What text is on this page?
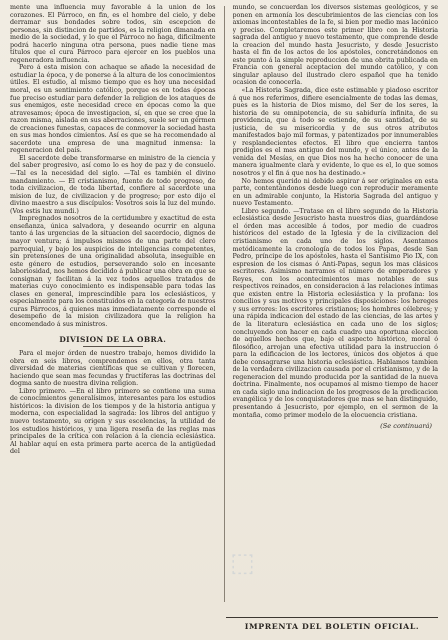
mente una influencia muy favorable á la union de los corazones. El Párroco, en fin, es el hombre del cielo, y debe derramar sus bondades sobre todos, sin escepcion de personas, sin distincion de partidos, es la religion dimanada en medio de la sociedad, y lo que el Párroco no haga, dificilmente podrá hacerlo ninguna otra persona, pues nadie tiene mas títulos que el cura Párroco para ejercer en los pueblos una regeneradora influencia.

Pero á esta mision con achaque se añade la necesidad de estudiar la época, y de ponerse á la altura de los conocimientos útiles. El estudio, al mismo tiempo que es hoy una necesidad moral, es un sentimiento católico, porque es en todas épocas fue preciso estudiar para defender la religion de los ataques de sus enemigos, este necesidad crece en épocas como la que atravesamos; época de investigacion, sí, en que se cree que la razon misma, aislada en sus aberraciones, suele ser un gérmen de creaciones funestas, capaces de conmover la sociedad hasta en sus mas hondos cimientos. Así es que se ha recomendado al sacerdote una empresa de una magnitud inmensa: la regeneracion del país.

El sacerdote debe transformarse en ministro de la ciencia y del saber progresivo, así como lo es hoy de paz y de consuelo. —Tal es la necesidad del siglo. —Tal es también el divino mandamiento. — El cristianismo, fuente de todo progreso, de toda civilizacion, de toda libertad, confiere al sacerdote una mision de luz, de civilizacion y de progreso; por esto dijo el divino maestro a sus discípulos: Vosotros sois la luz del mundo. (Vos estis lux mundi.)

Impregnados nosotros de la certidumbre y exactitud de esta enseñanza, única salvadora, y deseando ocurrir en alguna tanto á las urgencias de la situacion del sacerdocio, dignos de mayor ventura; á impulsos mismos de una parte del clero parroquial, y bajo los auspicios de inteligencias competentes, sin pretensiones de una originalidad absoluta, inseguible en este género de estudios, perseverando solo en incesante laboriosidad, nos hemos decidido á publicar una obra en que se consignan y facilitan á la vez todos aquellos tratados de materias cuyo conocimiento es indispensable para todas las clases en general, imprescindible para los eclesiásticos, y especialmente para los constituidos en la categoría de nuestros curas Párrocos, á quienes mas inmediatamente corresponde el desempeño de la mision civilizadora que la religion ha encomendado á sus ministros.

DIVISION DE LA OBRA.

Para el mejor órden de nuestro trabajo, hemos dividido la obra en seis libros, comprendemos en ellos, otra tanta diversidad de materias científicas que se cultivan y florecen, haciendo que sean mas fecundas y fructíferas las doctrinas del dogma santo de nuestra divina religion.

Libro primero. —En el libro primero se contiene una suma de conocimientos generalísimos, interesantes para los estudios históricos: la division de los tiempos y de la historia antigua y moderna, con especialidad la sagrada: los libros del antiguo y nuevo testamento, su origen y sus escelencias, la utilidad de los estudios históricos, y una ligera reseña de las reglas mas principales de la crítica con relacion á la ciencia eclesiástica. Al hablar aquí en esta primera parte acerca de la antigüedad del

mundo, se concuerdan los diversos sistemas geológicos, y se ponen en armonía los descubrimientos de las ciencias con los axiomas incontestables de la fe, si bien por medio mas lacónico y preciso. Completaremos este primer libro con la Historia sagrada del antiguo y nuevo testamento, que comprende desde la creacion del mundo hasta Jesucristo, y desde Jesucristo hasta el fin de los actos de los apóstoles, concretándonos en este punto á la simple reproduccion de una obrita publicada en Francia con general aceptacion del mundo católico, y con singular aplauso del ilustrado clero español que ha tenido ocasion de conocerla.

«La Historia Sagrada, dice este estimable y piadoso escritor á que nos referimos, difiere esencialmente de todas las demas, pues es la historia de Dios mismo, del Ser de los seres, la historia de su omnipotencia, de su sabiduría infinita, de su providencia, que á todo se estiende, de su santidad, de su justicia, de su misericordia y de sus otros atributos manifestados bajo mil formas, y patentizados por innumerables y resplandecientes efectos. El libro que encierra tantos prodigios es el mas antiguo del mundo, y el único, antes de la venida del Mesías, en que Dios nos ha hecho conocer de una manera igualmente clara y evidente, lo que es el, lo que somos nosotros y el fin á que nos ha destinado.»

No hemos querido ni debido aspirar á ser originales en esta parte, contentándonos desde luego con reproducir meramente en un admirable conjunto, la Historia Sagrada del antiguo y nuevo Testamento.

Libro segundo. —Tratase en el libro segundo de la Historia eclesiástica desde Jesucristo hasta nuestros dias, guardándose el órden mas accesible á todos, por medio de cuadros históricos del estado de la Iglesia y de la civilizacion del cristianismo en cada uno de los siglos. Asentamos metódicamente la cronología de todos los Papas, desde San Pedro, príncipe de los apóstoles, hasta el Santísimo Pio IX, con espresion de los cismas ó Anti-Papas, segun los mas clásicos escritores. Asimismo narramos el número de emperadores y Reyes, con los acontecimientos mas notables de sus respectivos reinados, en consideracion á las relaciones íntimas que existen entre la Historia eclesiástica y la profana: los concilios y sus motivos y principales disposiciones: los hereges y sus errores: los escritores cristianos; los hombres célebres; y una rápida indicacion del estado de las ciencias, de las artes y de la literatura eclesiástica en cada uno de los siglos; concluyendo con hacer en cada cuadro una oportuna eleccion de aquellos hechos que, bajo el aspecto histórico, moral ó filosófico, arrojan una efectiva utilidad para la instruccion ó para la edificacion de los lectores, únicos dos objetos á que debe consagrarse una historia eclesiástica. Hablamos tambien de la verdadera civilizacion causada por el cristianismo, y de la regeneracion del mundo producida por la santidad de la nueva doctrina. Finalmente, nos ocupamos al mismo tiempo de hacer en cada siglo una indicacion de los progresos de la predicacion evangélica y de los conquistadores que mas se han distinguido, presentando á Jesucristo, por ejemplo, en el sermon de la montaña, como primer modelo de la elocuencia cristiana.

(Se continuará)
IMPRENTA DEL BOLETIN OFICIAL.
⬚
